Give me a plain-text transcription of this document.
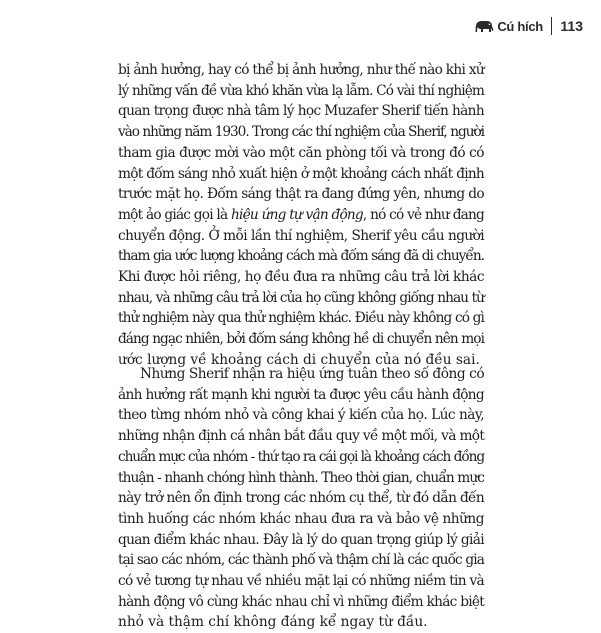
Cú hích 113
bị ảnh hưởng, hay có thể bị ảnh hưởng, như thế nào khi xử
lý những vấn đề vừa khó khăn vừa lạ lẫm. Có vài thí nghiệm
quan trọng được nhà tâm lý học Muzafer Sherif tiến hành
vào những năm 1930. Trong các thí nghiệm của Sherif, người
tham gia được mời vào một căn phòng tối và trong đó có
một đốm sáng nhỏ xuất hiện ở một khoảng cách nhất định
trước mặt họ. Đốm sáng thật ra đang đứng yên, nhưng do
một ảo giác gọi là hiệu ứng tự vận động, nó có vẻ như đang
chuyển động. Ở mỗi lần thí nghiệm, Sherif yêu cầu người
tham gia ước lượng khoảng cách mà đốm sáng đã di chuyển.
Khi được hỏi riêng, họ đều đưa ra những câu trả lời khác
nhau, và những câu trả lời của họ cũng không giống nhau từ
thử nghiệm này qua thử nghiệm khác. Điều này không có gì
đáng ngạc nhiên, bởi đốm sáng không hề di chuyển nên mọi
ước lượng về khoảng cách di chuyển của nó đều sai.
Nhưng Sherif nhận ra hiệu ứng tuân theo số đông có
ảnh hưởng rất mạnh khi người ta được yêu cầu hành động
theo từng nhóm nhỏ và công khai ý kiến của họ. Lúc này,
những nhận định cá nhân bắt đầu quy về một mối, và một
chuẩn mực của nhóm - thứ tạo ra cái gọi là khoảng cách đồng
thuận - nhanh chóng hình thành. Theo thời gian, chuẩn mực
này trở nên ổn định trong các nhóm cụ thể, từ đó dẫn đến
tình huống các nhóm khác nhau đưa ra và bảo vệ những
quan điểm khác nhau. Đây là lý do quan trọng giúp lý giải
tại sao các nhóm, các thành phố và thậm chí là các quốc gia
có vẻ tương tự nhau về nhiều mặt lại có những niềm tin và
hành động vô cùng khác nhau chỉ vì những điểm khác biệt
nhỏ và thậm chí không đáng kể ngay từ đầu.
